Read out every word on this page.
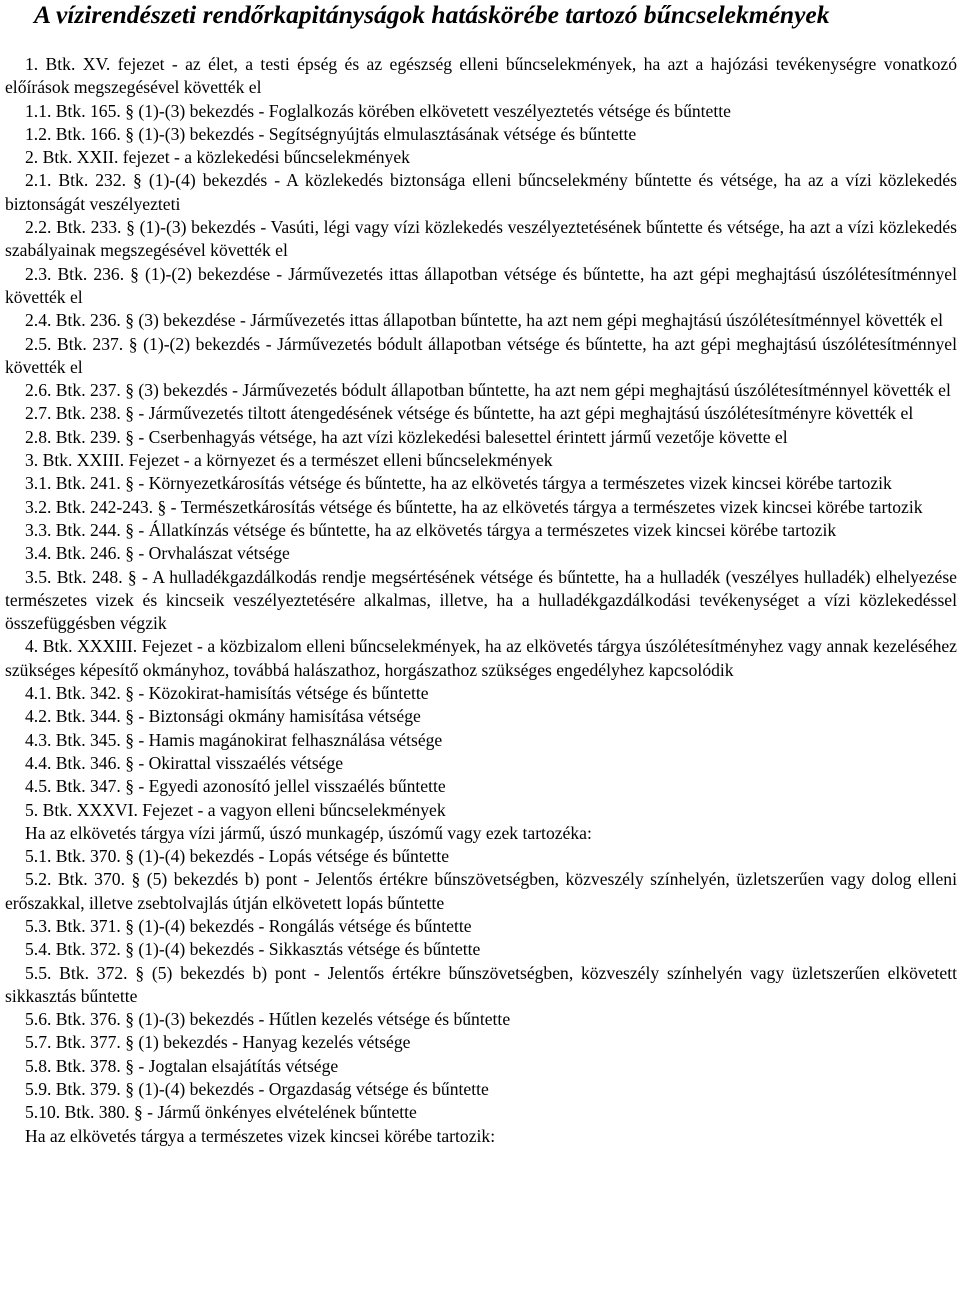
A vízirendészeti rendőrkapitányságok hatáskörébe tartozó bűncselekmények

1. Btk. XV. fejezet - az élet, a testi épség és az egészség elleni bűncselekmények, ha azt a hajózási tevékenységre vonatkozó előírások megszegésével követték el

1.1. Btk. 165. § (1)-(3) bekezdés - Foglalkozás körében elkövetett veszélyeztetés vétsége és bűntette

1.2. Btk. 166. § (1)-(3) bekezdés - Segítségnyújtás elmulasztásának vétsége és bűntette

2. Btk. XXII. fejezet - a közlekedési bűncselekmények

2.1. Btk. 232. § (1)-(4) bekezdés - A közlekedés biztonsága elleni bűncselekmény bűntette és vétsége, ha az a vízi közlekedés biztonságát veszélyezteti

2.2. Btk. 233. § (1)-(3) bekezdés - Vasúti, légi vagy vízi közlekedés veszélyeztetésének bűntette és vétsége, ha azt a vízi közlekedés szabályainak megszegésével követték el

2.3. Btk. 236. § (1)-(2) bekezdése - Járművezetés ittas állapotban vétsége és bűntette, ha azt gépi meghajtású úszólétesítménnyel követték el

2.4. Btk. 236. § (3) bekezdése - Járművezetés ittas állapotban bűntette, ha azt nem gépi meghajtású úszólétesítménnyel követték el

2.5. Btk. 237. § (1)-(2) bekezdés - Járművezetés bódult állapotban vétsége és bűntette, ha azt gépi meghajtású úszólétesítménnyel követték el

2.6. Btk. 237. § (3) bekezdés - Járművezetés bódult állapotban bűntette, ha azt nem gépi meghajtású úszólétesítménnyel követték el

2.7. Btk. 238. § - Járművezetés tiltott átengedésének vétsége és bűntette, ha azt gépi meghajtású úszólétesítményre követték el

2.8. Btk. 239. § - Cserbenhagyás vétsége, ha azt vízi közlekedési balesettel érintett jármű vezetője követte el

3. Btk. XXIII. Fejezet - a környezet és a természet elleni bűncselekmények

3.1. Btk. 241. § - Környezetkárosítás vétsége és bűntette, ha az elkövetés tárgya a természetes vizek kincsei körébe tartozik

3.2. Btk. 242-243. § - Természetkárosítás vétsége és bűntette, ha az elkövetés tárgya a természetes vizek kincsei körébe tartozik

3.3. Btk. 244. § - Állatkínzás vétsége és bűntette, ha az elkövetés tárgya a természetes vizek kincsei körébe tartozik

3.4. Btk. 246. § - Orvhalászat vétsége

3.5. Btk. 248. § - A hulladékgazdálkodás rendje megsértésének vétsége és bűntette, ha a hulladék (veszélyes hulladék) elhelyezése természetes vizek és kincseik veszélyeztetésére alkalmas, illetve, ha a hulladékgazdálkodási tevékenységet a vízi közlekedéssel összefüggésben végzik

4. Btk. XXXIII. Fejezet - a közbizalom elleni bűncselekmények, ha az elkövetés tárgya úszólétesítményhez vagy annak kezeléséhez szükséges képesítő okmányhoz, továbbá halászathoz, horgászathoz szükséges engedélyhez kapcsolódik

4.1. Btk. 342. § - Közokirat-hamisítás vétsége és bűntette

4.2. Btk. 344. § - Biztonsági okmány hamisítása vétsége

4.3. Btk. 345. § - Hamis magánokirat felhasználása vétsége

4.4. Btk. 346. § - Okirattal visszaélés vétsége

4.5. Btk. 347. § - Egyedi azonosító jellel visszaélés bűntette

5. Btk. XXXVI. Fejezet - a vagyon elleni bűncselekmények

Ha az elkövetés tárgya vízi jármű, úszó munkagép, úszómű vagy ezek tartozéka:

5.1. Btk. 370. § (1)-(4) bekezdés - Lopás vétsége és bűntette

5.2. Btk. 370. § (5) bekezdés b) pont - Jelentős értékre bűnszövetségben, közveszély színhelyén, üzletszerűen vagy dolog elleni erőszakkal, illetve zsebtolvajlás útján elkövetett lopás bűntette

5.3. Btk. 371. § (1)-(4) bekezdés - Rongálás vétsége és bűntette

5.4. Btk. 372. § (1)-(4) bekezdés - Sikkasztás vétsége és bűntette

5.5. Btk. 372. § (5) bekezdés b) pont - Jelentős értékre bűnszövetségben, közveszély színhelyén vagy üzletszerűen elkövetett sikkasztás bűntette

5.6. Btk. 376. § (1)-(3) bekezdés - Hűtlen kezelés vétsége és bűntette

5.7. Btk. 377. § (1) bekezdés - Hanyag kezelés vétsége

5.8. Btk. 378. § - Jogtalan elsajátítás vétsége

5.9. Btk. 379. § (1)-(4) bekezdés - Orgazdaság vétsége és bűntette

5.10. Btk. 380. § - Jármű önkényes elvételének bűntette

Ha az elkövetés tárgya a természetes vizek kincsei körébe tartozik:
